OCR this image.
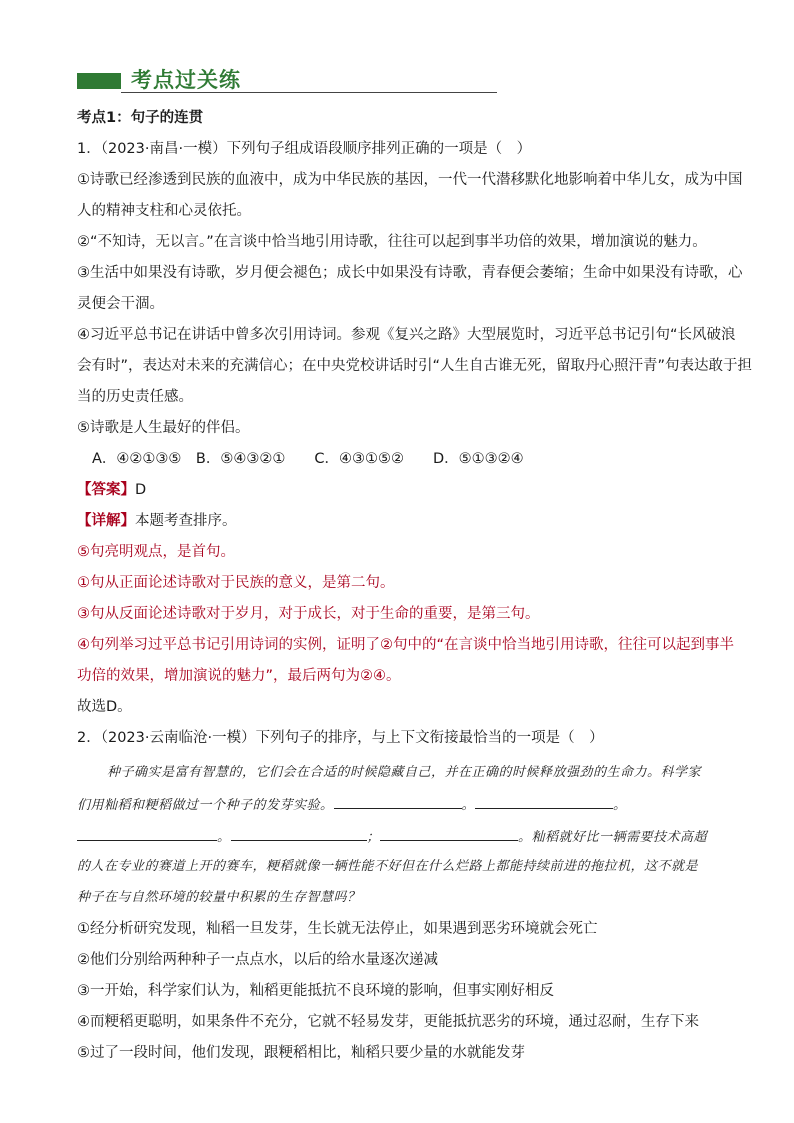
考点过关练
考点1：句子的连贯
1．（2023·南昌·一模）下列句子组成语段顺序排列正确的一项是（　）
①诗歌已经渗透到民族的血液中，成为中华民族的基因，一代一代潜移默化地影响着中华儿女，成为中国
人的精神支柱和心灵依托。
②“不知诗，无以言。”在言谈中恰当地引用诗歌，往往可以起到事半功倍的效果，增加演说的魅力。
③生活中如果没有诗歌，岁月便会褪色；成长中如果没有诗歌，青春便会萎缩；生命中如果没有诗歌，心
灵便会干涸。
④习近平总书记在讲话中曾多次引用诗词。参观《复兴之路》大型展览时，习近平总书记引句“长风破浪
会有时”，表达对未来的充满信心；在中央党校讲话时引“人生自古谁无死，留取丹心照汗青”句表达敢于担
当的历史责任感。
⑤诗歌是人生最好的伴侣。
A．④②①③⑤　B．⑤④③②①　　C．④③①⑤②　　D．⑤①③②④
【答案】D
【详解】本题考查排序。
⑤句亮明观点，是首句。
①句从正面论述诗歌对于民族的意义，是第二句。
③句从反面论述诗歌对于岁月，对于成长，对于生命的重要，是第三句。
④句列举习过平总书记引用诗词的实例，证明了②句中的“在言谈中恰当地引用诗歌，往往可以起到事半
功倍的效果，增加演说的魅力”，最后两句为②④。
故选D。
2．（2023·云南临沧·一模）下列句子的排序，与上下文衔接最恰当的一项是（　）
种子确实是富有智慧的，它们会在合适的时候隐藏自己，并在正确的时候释放强劲的生命力。科学家
们用籼稻和粳稻做过一个种子的发芽实验。	。	。
。	；	。籼稻就好比一辆需要技术高超
的人在专业的赛道上开的赛车，粳稻就像一辆性能不好但在什么烂路上都能持续前进的拖拉机，这不就是
种子在与自然环境的较量中积累的生存智慧吗？
①经分析研究发现，籼稻一旦发芽，生长就无法停止，如果遇到恶劣环境就会死亡
②他们分别给两种种子一点点水，以后的给水量逐次递减
③一开始，科学家们认为，籼稻更能抵抗不良环境的影响，但事实刚好相反
④而粳稻更聪明，如果条件不充分，它就不轻易发芽，更能抵抗恶劣的环境，通过忍耐，生存下来
⑤过了一段时间，他们发现，跟粳稻相比，籼稻只要少量的水就能发芽
